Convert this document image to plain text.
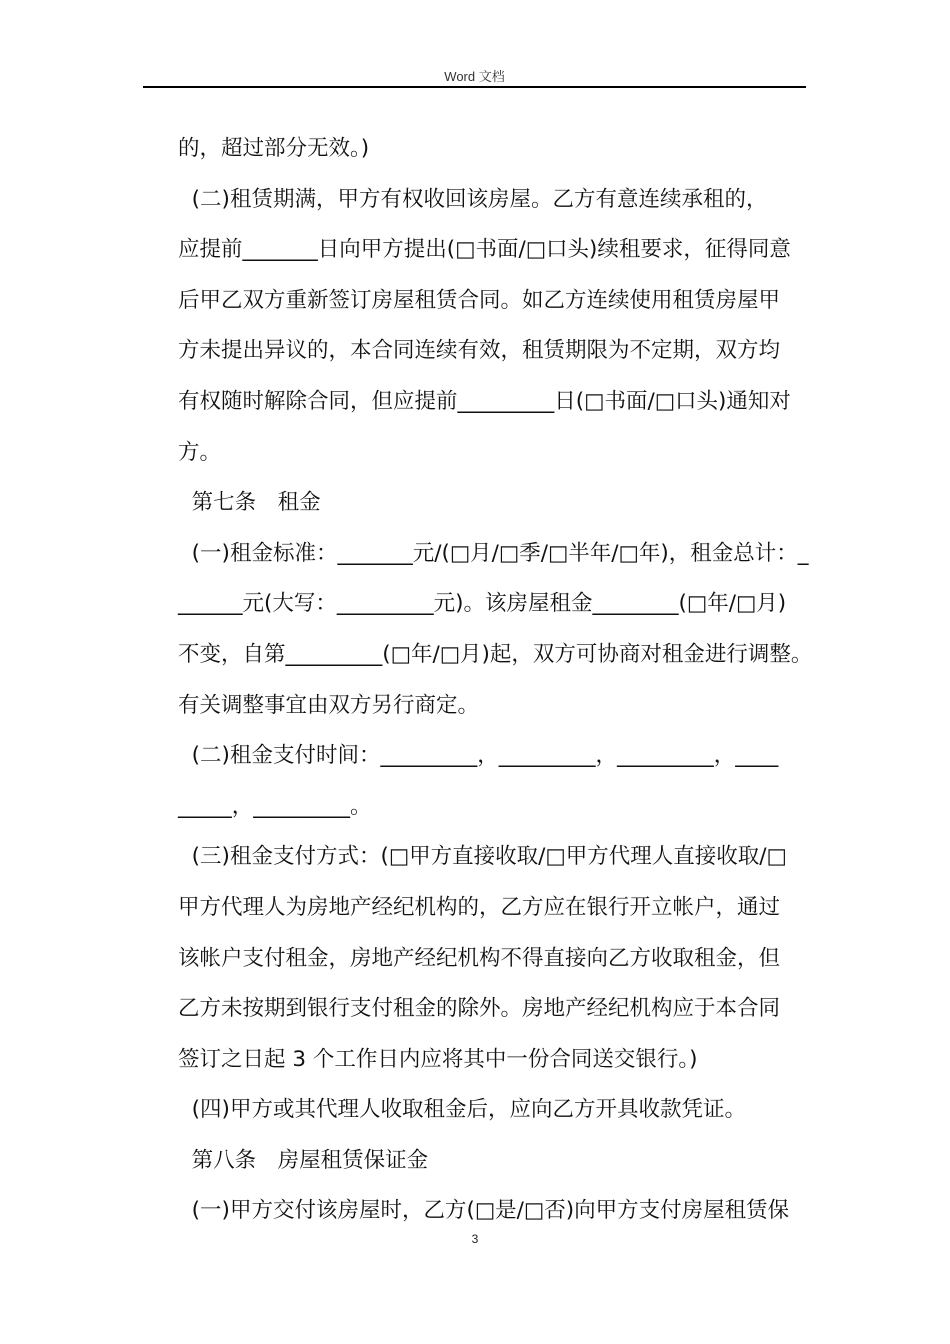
Word 文档
的，超过部分无效。)
(二)租赁期满，甲方有权收回该房屋。乙方有意连续承租的，
应提前_______日向甲方提出(□书面/□口头)续租要求，征得同意
后甲乙双方重新签订房屋租赁合同。如乙方连续使用租赁房屋甲
方未提出异议的，本合同连续有效，租赁期限为不定期，双方均
有权随时解除合同，但应提前_________日(□书面/□口头)通知对
方。
第七条　租金
(一)租金标准：_______元/(□月/□季/□半年/□年)，租金总计：_
______元(大写：_________元)。该房屋租金________(□年/□月)
不变，自第_________(□年/□月)起，双方可协商对租金进行调整。
有关调整事宜由双方另行商定。
(二)租金支付时间：_________，_________，_________，____
_____，_________。
(三)租金支付方式：(□甲方直接收取/□甲方代理人直接收取/□
甲方代理人为房地产经纪机构的，乙方应在银行开立帐户，通过
该帐户支付租金，房地产经纪机构不得直接向乙方收取租金，但
乙方未按期到银行支付租金的除外。房地产经纪机构应于本合同
签订之日起 3 个工作日内应将其中一份合同送交银行。)
(四)甲方或其代理人收取租金后，应向乙方开具收款凭证。
第八条　房屋租赁保证金
(一)甲方交付该房屋时，乙方(□是/□否)向甲方支付房屋租赁保
3
